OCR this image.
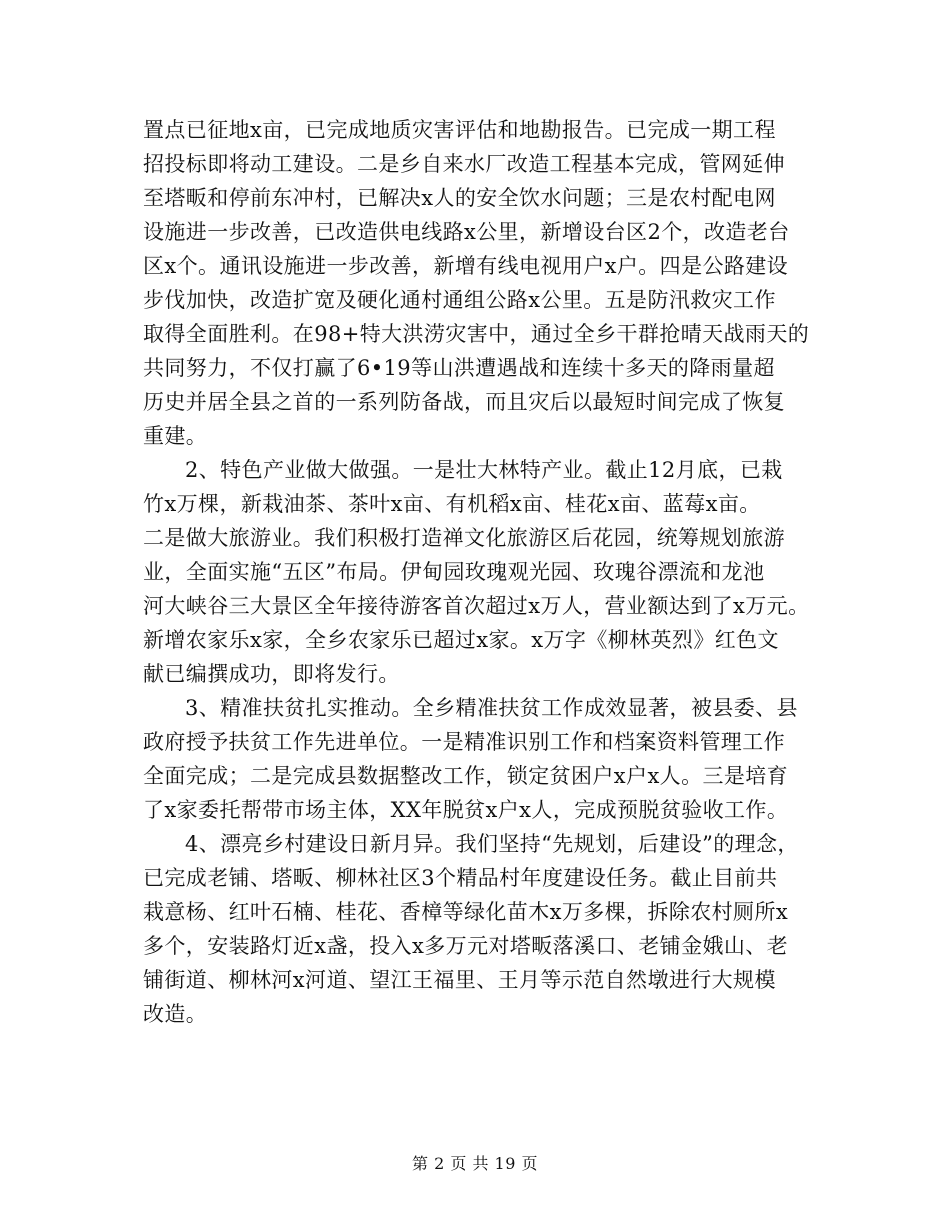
置点已征地x亩，已完成地质灾害评估和地勘报告。已完成一期工程
招投标即将动工建设。二是乡自来水厂改造工程基本完成，管网延伸
至塔畈和停前东冲村，已解决x人的安全饮水问题；三是农村配电网
设施进一步改善，已改造供电线路x公里，新增设台区2个，改造老台
区x个。通讯设施进一步改善，新增有线电视用户x户。四是公路建设
步伐加快，改造扩宽及硬化通村通组公路x公里。五是防汛救灾工作
取得全面胜利。在98+特大洪涝灾害中，通过全乡干群抢晴天战雨天的
共同努力，不仅打赢了6•19等山洪遭遇战和连续十多天的降雨量超
历史并居全县之首的一系列防备战，而且灾后以最短时间完成了恢复
重建。
2、特色产业做大做强。一是壮大林特产业。截止12月底，已栽
竹x万棵，新栽油茶、茶叶x亩、有机稻x亩、桂花x亩、蓝莓x亩。
二是做大旅游业。我们积极打造禅文化旅游区后花园，统筹规划旅游
业，全面实施“五区”布局。伊甸园玫瑰观光园、玫瑰谷漂流和龙池
河大峡谷三大景区全年接待游客首次超过x万人，营业额达到了x万元。
新增农家乐x家，全乡农家乐已超过x家。x万字《柳林英烈》红色文
献已编撰成功，即将发行。
3、精准扶贫扎实推动。全乡精准扶贫工作成效显著，被县委、县
政府授予扶贫工作先进单位。一是精准识别工作和档案资料管理工作
全面完成；二是完成县数据整改工作，锁定贫困户x户x人。三是培育
了x家委托帮带市场主体，XX年脱贫x户x人，完成预脱贫验收工作。
4、漂亮乡村建设日新月异。我们坚持“先规划，后建设”的理念，
已完成老铺、塔畈、柳林社区3个精品村年度建设任务。截止目前共
栽意杨、红叶石楠、桂花、香樟等绿化苗木x万多棵，拆除农村厕所x
多个，安装路灯近x盏，投入x多万元对塔畈落溪口、老铺金娥山、老
铺街道、柳林河x河道、望江王福里、王月等示范自然墩进行大规模
改造。
第 2 页 共 19 页
